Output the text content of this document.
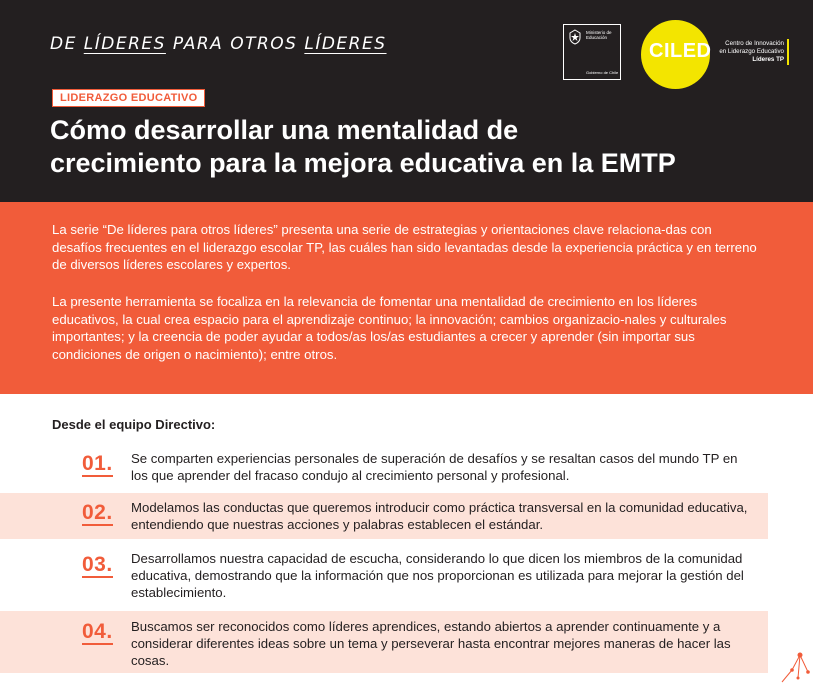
DE LÍDERES PARA OTROS LÍDERES
Ministerio de
Educación
Gobierno de Chile
CILED	Centro de Innovación
en Liderazgo Educativo
Líderes TP
LIDERAZGO EDUCATIVO
Cómo desarrollar una mentalidad de
crecimiento para la mejora educativa en la EMTP

La serie “De líderes para otros líderes” presenta una serie de estrategias y orientaciones clave relaciona-das con desafíos frecuentes en el liderazgo escolar TP, las cuáles han sido levantadas desde la experiencia práctica y en terreno de diversos líderes escolares y expertos.

La presente herramienta se focaliza en la relevancia de fomentar una mentalidad de crecimiento en los líderes educativos, la cual crea espacio para el aprendizaje continuo; la innovación; cambios organizacio-nales y culturales importantes; y la creencia de poder ayudar a todos/as los/as estudiantes a crecer y aprender (sin importar sus condiciones de origen o nacimiento); entre otros.

Desde el equipo Directivo:
01. Se comparten experiencias personales de superación de desafíos y se resaltan casos del mundo TP en los que aprender del fracaso condujo al crecimiento personal y profesional.
02. Modelamos las conductas que queremos introducir como práctica transversal en la comunidad educativa, entendiendo que nuestras acciones y palabras establecen el estándar.
03. Desarrollamos nuestra capacidad de escucha, considerando lo que dicen los miembros de la comunidad educativa, demostrando que la información que nos proporcionan es utilizada para mejorar la gestión del establecimiento.
04. Buscamos ser reconocidos como líderes aprendices, estando abiertos a aprender continuamente y a considerar diferentes ideas sobre un tema y perseverar hasta encontrar mejores maneras de hacer las cosas.
